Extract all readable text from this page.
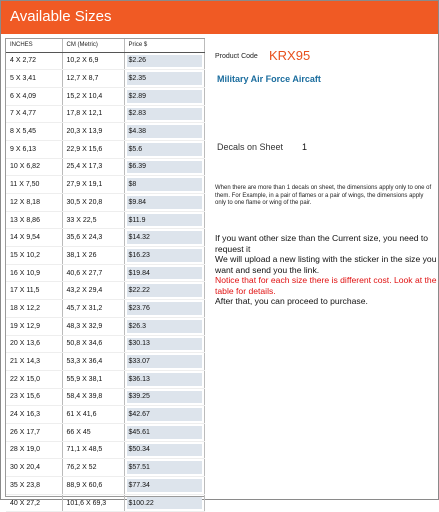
Available Sizes
INCHES	CM (Metric)	Price $
4 X 2,72	10,2 X 6,9	$2.26
5 X 3,41	12,7 X 8,7	$2.35
6 X 4,09	15,2 X 10,4	$2.89
7 X 4,77	17,8 X 12,1	$2.83
8 X 5,45	20,3 X 13,9	$4.38
9 X 6,13	22,9 X 15,6	$5.6
10 X 6,82	25,4 X 17,3	$6.39
11 X 7,50	27,9 X 19,1	$8
12 X 8,18	30,5 X 20,8	$9.84
13 X 8,86	33 X 22,5	$11.9
14 X 9,54	35,6 X 24,3	$14.32
15 X 10,2	38,1 X 26	$16.23
16 X 10,9	40,6 X 27,7	$19.84
17 X 11,5	43,2 X 29,4	$22.22
18 X 12,2	45,7 X 31,2	$23.76
19 X 12,9	48,3 X 32,9	$26.3
20 X 13,6	50,8 X 34,6	$30.13
21 X 14,3	53,3 X 36,4	$33.07
22 X 15,0	55,9 X 38,1	$36.13
23 X 15,6	58,4 X 39,8	$39.25
24 X 16,3	61 X 41,6	$42.67
26 X 17,7	66 X 45	$45.61
28 X 19,0	71,1 X 48,5	$50.34
30 X 20,4	76,2 X 52	$57.51
35 X 23,8	88,9 X 60,6	$77.34
40 X 27,2	101,6 X 69,3	$100.22
Product Code KRX95
Military Air Force Aircaft
Decals on Sheet 1
When there are more than 1 decals on sheet, the dimensions apply only to one of them. For Example, in a pair of flames or a pair of wings, the dimensions apply only to one flame or wing of the pair.
If you want other size than the Current size, you need to request it
We will upload a new listing with the sticker in the size you want and send you the link.
Notice that for each size there is different cost. Look at the table for details.
After that, you can proceed to purchase.
